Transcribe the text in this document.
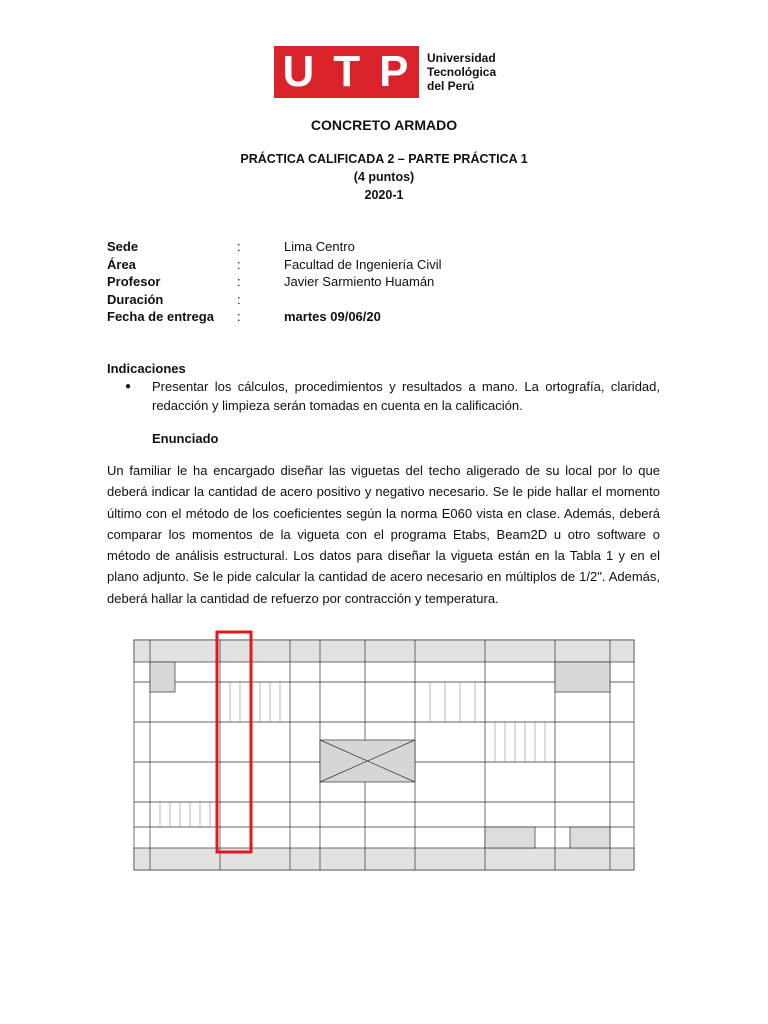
U T P Universidad
Tecnológica
del Perú
CONCRETO ARMADO
PRÁCTICA CALIFICADA 2 – PARTE PRÁCTICA 1
(4 puntos)
2020-1
Sede	:	Lima Centro
Área	:	Facultad de Ingeniería Civil
Profesor	:	Javier Sarmiento Huamán
Duración	:
Fecha de entrega	:	martes 09/06/20
Indicaciones
●	Presentar los cálculos, procedimientos y resultados a mano. La ortografía, claridad, redacción y limpieza serán tomadas en cuenta en la calificación.
Enunciado
Un familiar le ha encargado diseñar las viguetas del techo aligerado de su local por lo que deberá indicar la cantidad de acero positivo y negativo necesario. Se le pide hallar el momento último con el método de los coeficientes según la norma E060 vista en clase. Además, deberá comparar los momentos de la vigueta con el programa Etabs, Beam2D u otro software o método de análisis estructural. Los datos para diseñar la vigueta están en la Tabla 1 y en el plano adjunto. Se le pide calcular la cantidad de acero necesario en múltiplos de 1/2". Además, deberá hallar la cantidad de refuerzo por contracción y temperatura.
